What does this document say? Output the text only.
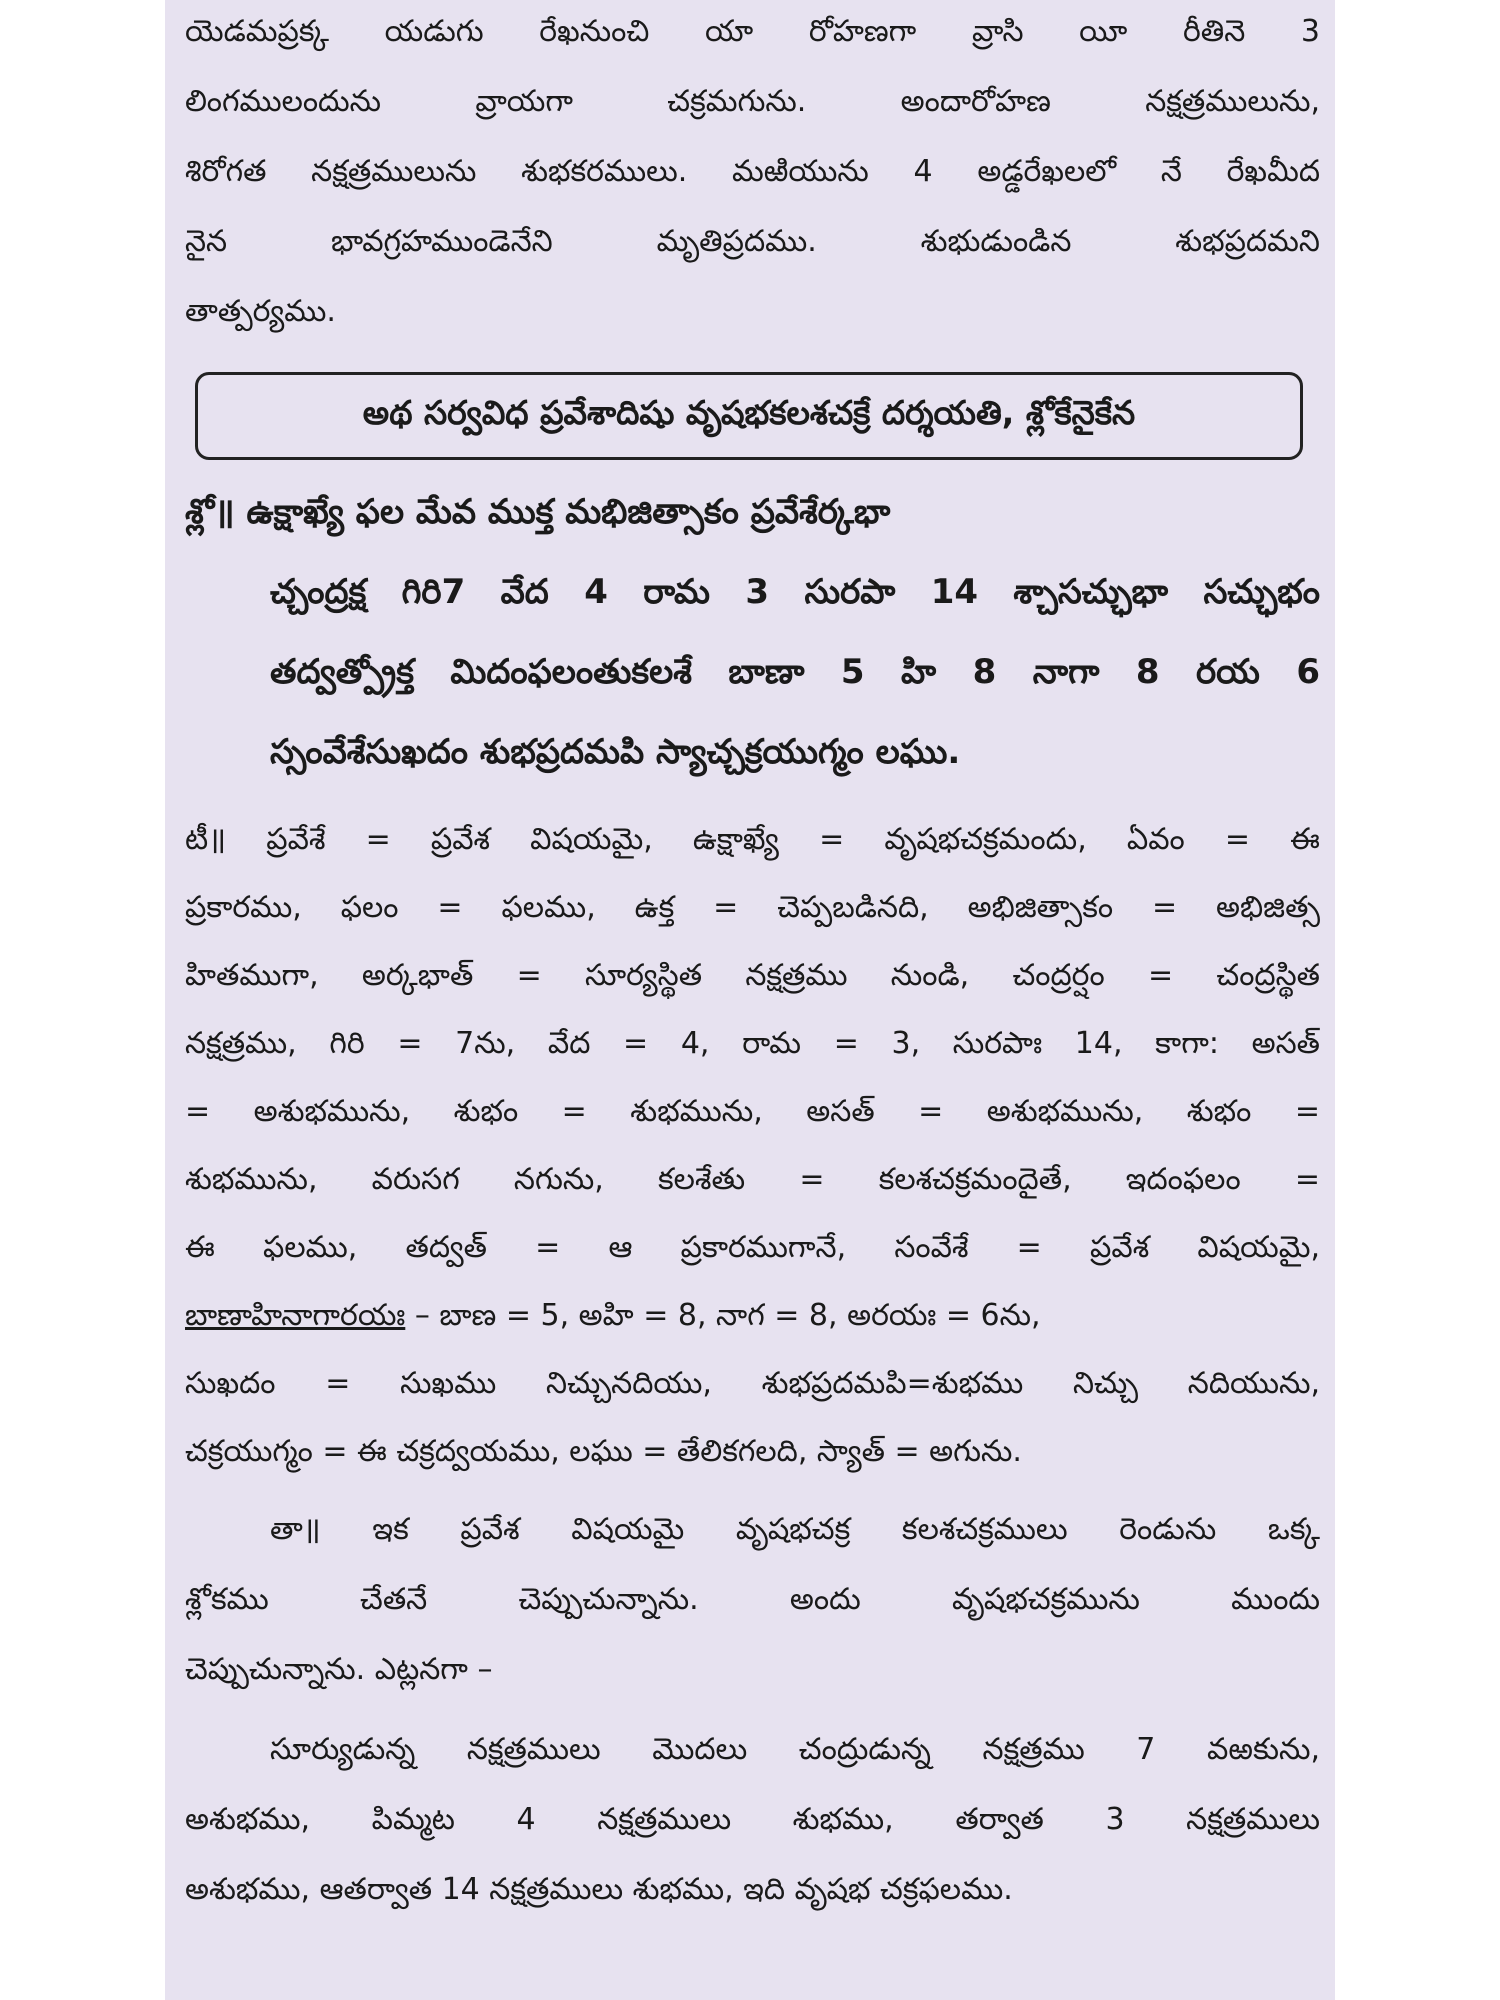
యెడమప్రక్క యడుగు రేఖనుంచి యా రోహణగా వ్రాసి యీ రీతినె 3
లింగములందును వ్రాయగా చక్రమగును. అందారోహణ నక్షత్రములును,
శిరోగత నక్షత్రములును శుభకరములు. మఱియును 4 అడ్డరేఖలలో నే రేఖమీద
నైన భావగ్రహముండెనేని మృతిప్రదము. శుభుడుండిన శుభప్రదమని
తాత్పర్యము.
అథ సర్వవిధ ప్రవేశాదిషు వృషభకలశచక్రే దర్శయతి, శ్లోకేనైకేన
శ్లో॥ ఉక్షాఖ్యే ఫల మేవ ముక్త మభిజిత్సాకం ప్రవేశేర్కభా
చ్చంద్రక్ష గిరి7 వేద 4 రామ 3 సురపా 14 శ్చాసచ్ఛుభా సచ్ఛుభం
తద్వత్ప్రోక్త మిదంఫలంతుకలశే బాణా 5 హి 8 నాగా 8 రయ 6
స్సంవేశేసుఖదం శుభప్రదమపి స్యాచ్చక్రయుగ్మం లఘు.
టీ॥ ప్రవేశే = ప్రవేశ విషయమై, ఉక్షాఖ్యే = వృషభచక్రమందు, ఏవం = ఈ
ప్రకారము, ఫలం = ఫలము, ఉక్త = చెప్పబడినది, అభిజిత్సాకం = అభిజిత్స
హితముగా, అర్కభాత్ = సూర్యస్థిత నక్షత్రము నుండి, చంద్రర్షం = చంద్రస్థిత
నక్షత్రము, గిరి = 7ను, వేద = 4, రామ = 3, సురపాః 14, కాగా: అసత్
= అశుభమును, శుభం = శుభమును, అసత్ = అశుభమును, శుభం =
శుభమును, వరుసగ నగును, కలశేతు = కలశచక్రమందైతే, ఇదంఫలం =
ఈ ఫలము, తద్వత్ = ఆ ప్రకారముగానే, సంవేశే = ప్రవేశ విషయమై,
బాణాహినాగారయః – బాణ = 5, అహి = 8, నాగ = 8, అరయః = 6ను,
సుఖదం = సుఖము నిచ్చునదియు, శుభప్రదమపి=శుభము నిచ్చు నదియును,
చక్రయుగ్మం = ఈ చక్రద్వయము, లఘు = తేలికగలది, స్యాత్ = అగును.
తా॥ ఇక ప్రవేశ విషయమై వృషభచక్ర కలశచక్రములు రెండును ఒక్క
శ్లోకము చేతనే చెప్పుచున్నాను. అందు వృషభచక్రమును ముందు
చెప్పుచున్నాను. ఎట్లనగా –
సూర్యుడున్న నక్షత్రములు మొదలు చంద్రుడున్న నక్షత్రము 7 వఱకును,
అశుభము, పిమ్మట 4 నక్షత్రములు శుభము, తర్వాత 3 నక్షత్రములు
అశుభము, ఆతర్వాత 14 నక్షత్రములు శుభము, ఇది వృషభ చక్రఫలము.
